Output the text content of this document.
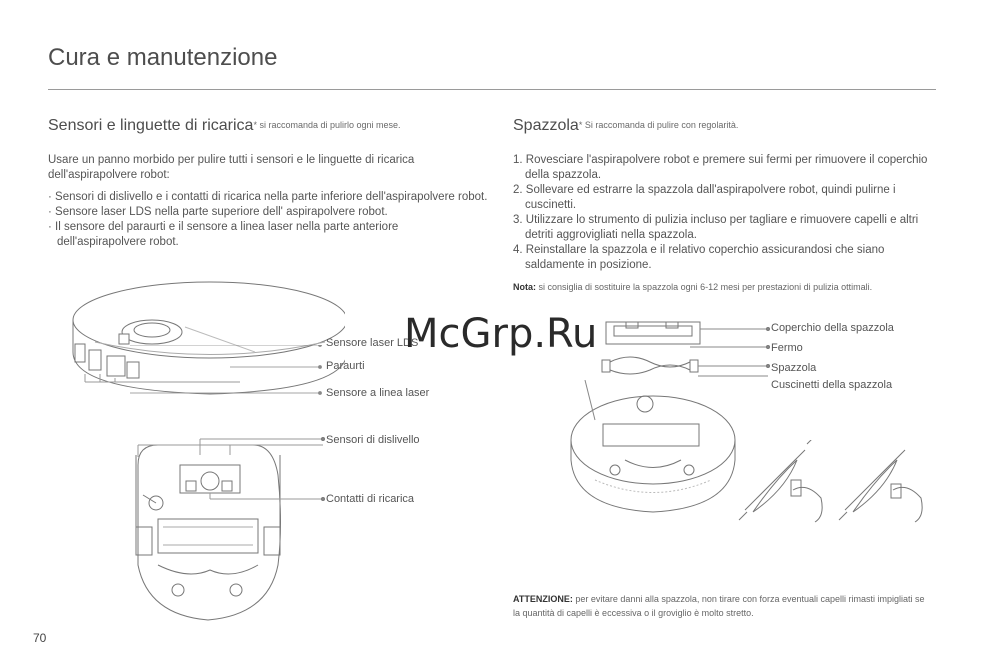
Cura e manutenzione
Sensori e linguette di ricarica* si raccomanda di pulirlo ogni mese.

Usare un panno morbido per pulire tutti i sensori e le linguette di ricarica dell'aspirapolvere robot:

· Sensori di dislivello e i contatti di ricarica nella parte inferiore dell'aspirapolvere robot.
· Sensore laser LDS nella parte superiore dell' aspirapolvere robot.
· Il sensore del paraurti e il sensore a linea laser nella parte anteriore dell'aspirapolvere robot.
Spazzola* Si raccomanda di pulire con regolarità.
1. Rovesciare l'aspirapolvere robot e premere sui fermi per rimuovere il coperchio della spazzola.
2. Sollevare ed estrarre la spazzola dall'aspirapolvere robot, quindi pulirne i cuscinetti.
3. Utilizzare lo strumento di pulizia incluso per tagliare e rimuovere capelli e altri detriti aggrovigliati nella spazzola.
4. Reinstallare la spazzola e il relativo coperchio assicurandosi che siano saldamente in posizione.
Nota: si consiglia di sostituire la spazzola ogni 6-12 mesi per prestazioni di pulizia ottimali.
Sensore laser LDS
Paraurti
Sensore a linea laser
Sensori di dislivello
Contatti di ricarica
Coperchio della spazzola
Fermo
Spazzola
Cuscinetti della spazzola
ATTENZIONE: per evitare danni alla spazzola, non tirare con forza eventuali capelli rimasti impigliati se la quantità di capelli è eccessiva o il groviglio è molto stretto.
McGrp.Ru
70
